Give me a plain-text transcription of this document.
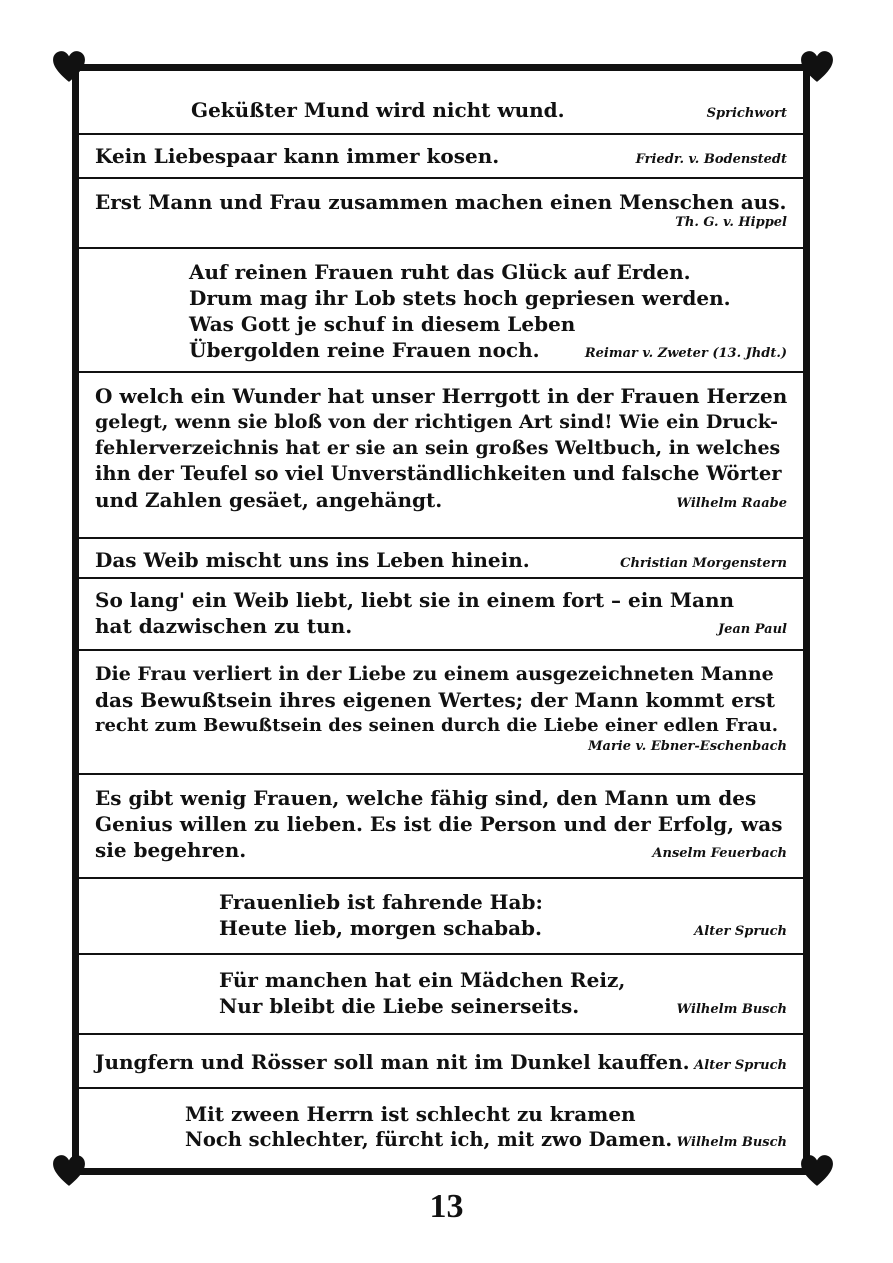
Geküßter Mund wird nicht wund.	Sprichwort
Kein Liebespaar kann immer kosen.	Friedr. v. Bodenstedt
Erst Mann und Frau zusammen machen einen Menschen aus.
Th. G. v. Hippel
Auf reinen Frauen ruht das Glück auf Erden.
Drum mag ihr Lob stets hoch gepriesen werden.
Was Gott je schuf in diesem Leben
Übergolden reine Frauen noch.	Reimar v. Zweter (13. Jhdt.)
O welch ein Wunder hat unser Herrgott in der Frauen Herzen
gelegt, wenn sie bloß von der richtigen Art sind! Wie ein Druck-
fehlerverzeichnis hat er sie an sein großes Weltbuch, in welches
ihn der Teufel so viel Unverständlichkeiten und falsche Wörter
und Zahlen gesäet, angehängt.	Wilhelm Raabe
Das Weib mischt uns ins Leben hinein.	Christian Morgenstern
So lang' ein Weib liebt, liebt sie in einem fort – ein Mann
hat dazwischen zu tun.	Jean Paul
Die Frau verliert in der Liebe zu einem ausgezeichneten Manne
das Bewußtsein ihres eigenen Wertes; der Mann kommt erst
recht zum Bewußtsein des seinen durch die Liebe einer edlen Frau.
Marie v. Ebner-Eschenbach
Es gibt wenig Frauen, welche fähig sind, den Mann um des
Genius willen zu lieben. Es ist die Person und der Erfolg, was
sie begehren.	Anselm Feuerbach
Frauenlieb ist fahrende Hab:
Heute lieb, morgen schabab.	Alter Spruch
Für manchen hat ein Mädchen Reiz,
Nur bleibt die Liebe seinerseits.	Wilhelm Busch
Jungfern und Rösser soll man nit im Dunkel kauffen. Alter Spruch
Mit zween Herrn ist schlecht zu kramen
Noch schlechter, fürcht ich, mit zwo Damen. Wilhelm Busch
13
